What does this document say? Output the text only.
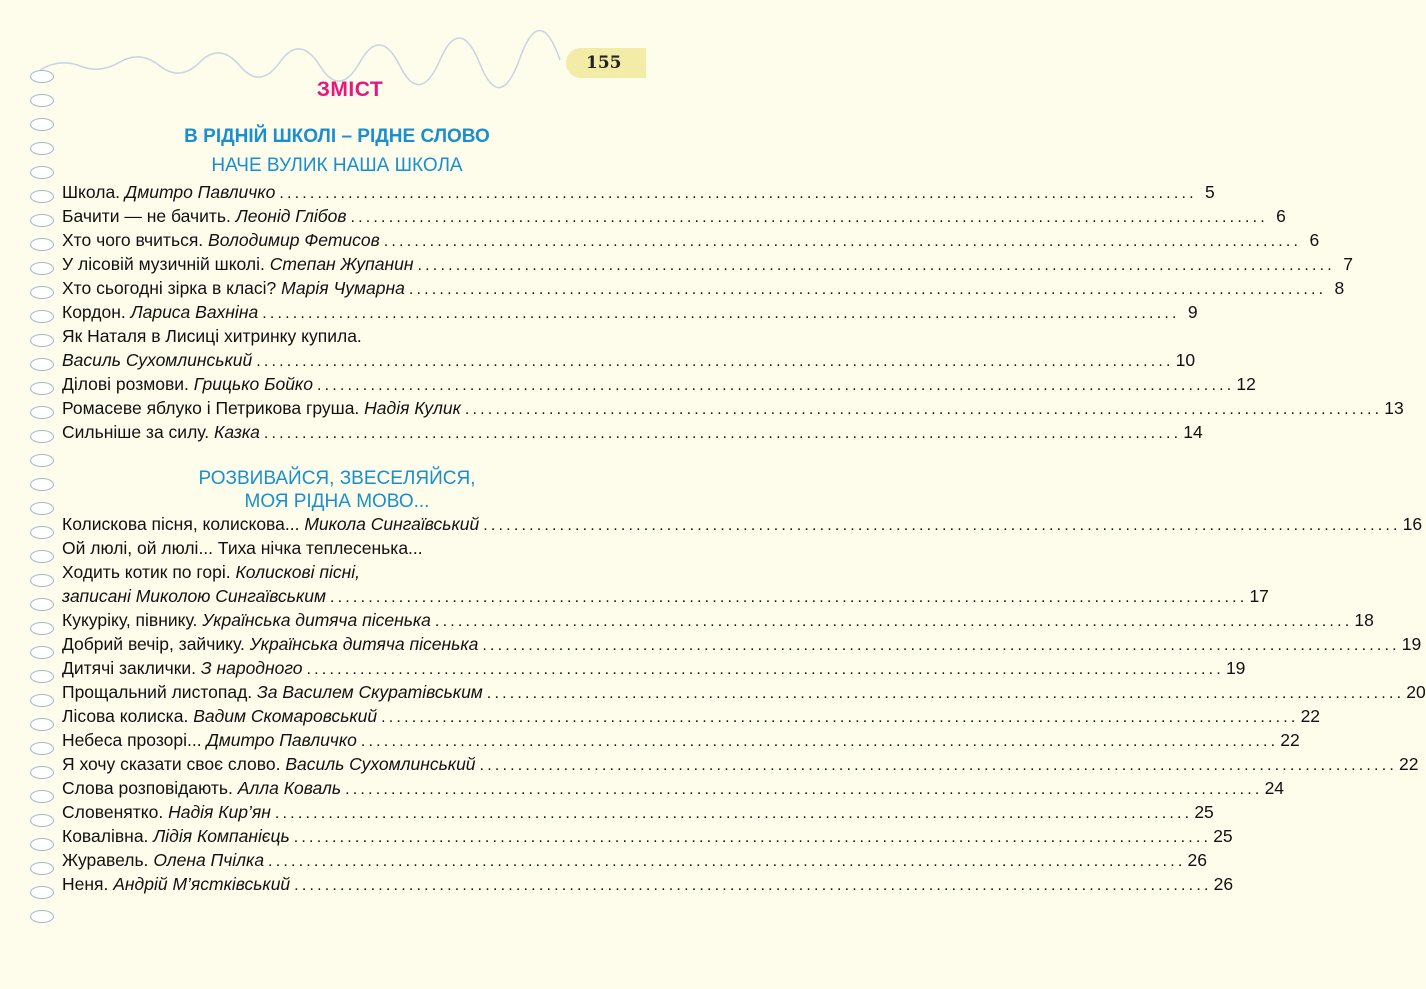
155
ЗМІСТ
В РІДНІЙ ШКОЛІ – РІДНЕ СЛОВО
НАЧЕ ВУЛИК НАША ШКОЛА
Школа. Дмитро Павличко ........................................................................................................................ 5
Бачити — не бачить. Леонід Глібов ........................................................................................................................ 6
Хто чого вчиться. Володимир Фетисов ........................................................................................................................ 6
У лісовій музичній школі. Степан Жупанин ........................................................................................................................ 7
Хто сьогодні зірка в класі? Марія Чумарна ........................................................................................................................ 8
Кордон. Лариса Вахніна ........................................................................................................................ 9
Як Наталя в Лисиці хитринку купила.
Василь Сухомлинський ........................................................................................................................ 10
Ділові розмови. Грицько Бойко ........................................................................................................................ 12
Ромасеве яблуко і Петрикова груша. Надія Кулик ........................................................................................................................ 13
Сильніше за силу. Казка ........................................................................................................................ 14
РОЗВИВАЙСЯ, ЗВЕСЕЛЯЙСЯ,
МОЯ РІДНА МОВО...
Колискова пісня, колискова... Микола Сингаївський ........................................................................................................................ 16
Ой люлі, ой люлі... Тиха нічка теплесенька...
Ходить котик по горі. Колискові пісні,
записані Миколою Сингаївським ........................................................................................................................ 17
Кукуріку, півнику. Українська дитяча пісенька ........................................................................................................................ 18
Добрий вечір, зайчику. Українська дитяча пісенька ........................................................................................................................ 19
Дитячі заклички. З народного ........................................................................................................................ 19
Прощальний листопад. За Василем Скуратівським ........................................................................................................................ 20
Лісова колиска. Вадим Скомаровський ........................................................................................................................ 22
Небеса прозорі... Дмитро Павличко ........................................................................................................................ 22
Я хочу сказати своє слово. Василь Сухомлинський ........................................................................................................................ 22
Слова розповідають. Алла Коваль ........................................................................................................................ 24
Словенятко. Надія Кир’ян ........................................................................................................................ 25
Ковалівна. Лідія Компанієць ........................................................................................................................ 25
Журавель. Олена Пчілка ........................................................................................................................ 26
Неня. Андрій М’ястківський ........................................................................................................................ 26
